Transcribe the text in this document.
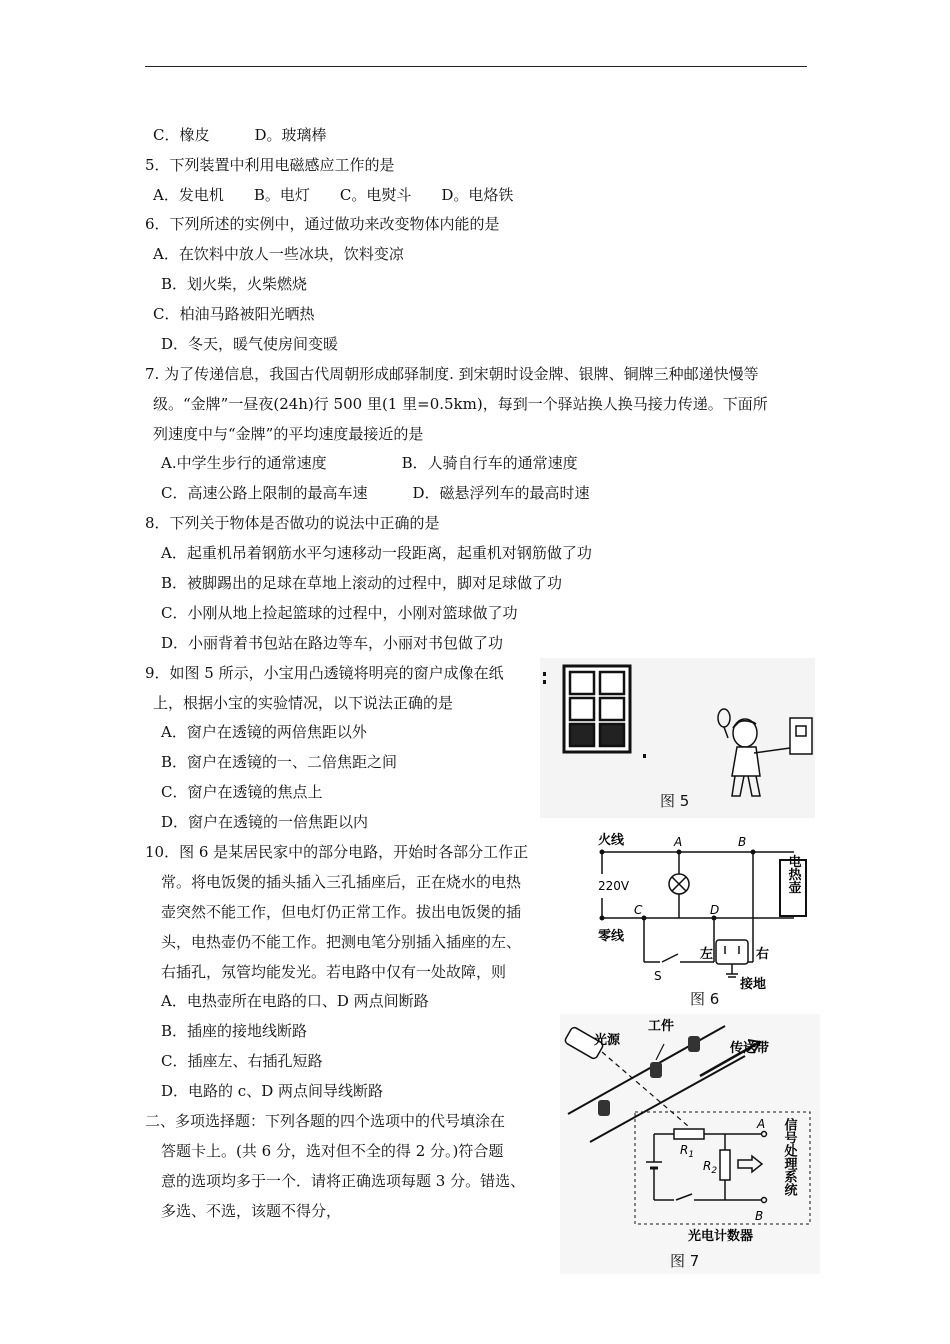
C．橡皮　　　D。玻璃棒
5．下列装置中利用电磁感应工作的是
A．发电机　　B。电灯　　C。电熨斗　　D。电烙铁
6．下列所述的实例中，通过做功来改变物体内能的是
A．在饮料中放人一些冰块，饮料变凉
B．划火柴，火柴燃烧
C．柏油马路被阳光晒热
D．冬天，暖气使房间变暖
7. 为了传递信息，我国古代周朝形成邮驿制度. 到宋朝时设金牌、银牌、铜牌三种邮递快慢等
级。“金牌”一昼夜(24h)行 500 里(1 里=0.5km)，每到一个驿站换人换马接力传递。下面所
列速度中与“金牌”的平均速度最接近的是
A.中学生步行的通常速度　　　　　B．人骑自行车的通常速度
C．高速公路上限制的最高车速　　　D．磁悬浮列车的最高时速
8．下列关于物体是否做功的说法中正确的是
A．起重机吊着钢筋水平匀速移动一段距离，起重机对钢筋做了功
B．被脚踢出的足球在草地上滚动的过程中，脚对足球做了功
C．小刚从地上捡起篮球的过程中，小刚对篮球做了功
D．小丽背着书包站在路边等车，小丽对书包做了功
9．如图 5 所示，小宝用凸透镜将明亮的窗户成像在纸
上，根据小宝的实验情况，以下说法正确的是
A．窗户在透镜的两倍焦距以外
B．窗户在透镜的一、二倍焦距之间
C．窗户在透镜的焦点上
D．窗户在透镜的一倍焦距以内
10．图 6 是某居民家中的部分电路，开始时各部分工作正
常。将电饭煲的插头插入三孔插座后，正在烧水的电热
壶突然不能工作，但电灯仍正常工作。拔出电饭煲的插
头，电热壶仍不能工作。把测电笔分别插入插座的左、
右插孔，氖管均能发光。若电路中仅有一处故障，则
A．电热壶所在电路的口、D 两点间断路
B．插座的接地线断路
C．插座左、右插孔短路
D．电路的 c、D 两点间导线断路
二、多项选择题：下列各题的四个选项中的代号填涂在
答题卡上。(共 6 分，选对但不全的得 2 分。)符合题
意的选项均多于一个．请将正确选项每题 3 分。错选、
多选、不选，该题不得分，
图 5
火线
零线
220V
A	B
C	D
S
左	右
接地
电热壶
图 6
光源
工件
传送带
$R_1$
$R_2$
A
B
信号处理系统
光电计数器
图 7
